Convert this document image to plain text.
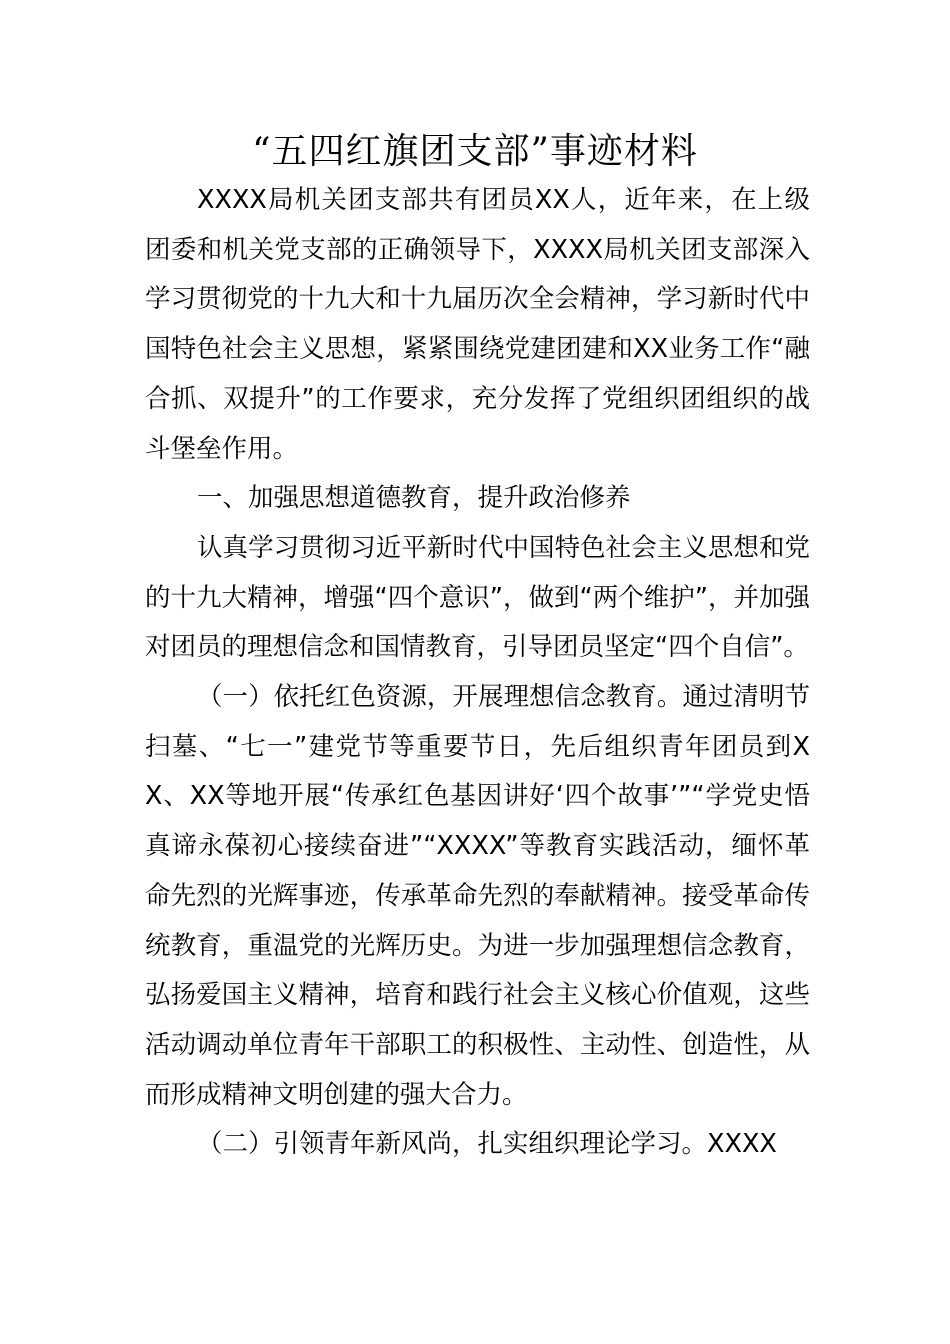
“五四红旗团支部”事迹材料

XXXX局机关团支部共有团员XX人，近年来，在上级团委和机关党支部的正确领导下，XXXX局机关团支部深入学习贯彻党的十九大和十九届历次全会精神，学习新时代中国特色社会主义思想，紧紧围绕党建团建和XX业务工作“融合抓、双提升”的工作要求，充分发挥了党组织团组织的战斗堡垒作用。

一、加强思想道德教育，提升政治修养

认真学习贯彻习近平新时代中国特色社会主义思想和党的十九大精神，增强“四个意识”，做到“两个维护”，并加强对团员的理想信念和国情教育，引导团员坚定“四个自信”。

（一）依托红色资源，开展理想信念教育。通过清明节扫墓、“七一”建党节等重要节日，先后组织青年团员到XX、XX等地开展“传承红色基因讲好‘四个故事’”“学党史悟真谛永葆初心接续奋进”“XXXX”等教育实践活动，缅怀革命先烈的光辉事迹，传承革命先烈的奉献精神。接受革命传统教育，重温党的光辉历史。为进一步加强理想信念教育，弘扬爱国主义精神，培育和践行社会主义核心价值观，这些活动调动单位青年干部职工的积极性、主动性、创造性，从而形成精神文明创建的强大合力。

（二）引领青年新风尚，扎实组织理论学习。XXXX
